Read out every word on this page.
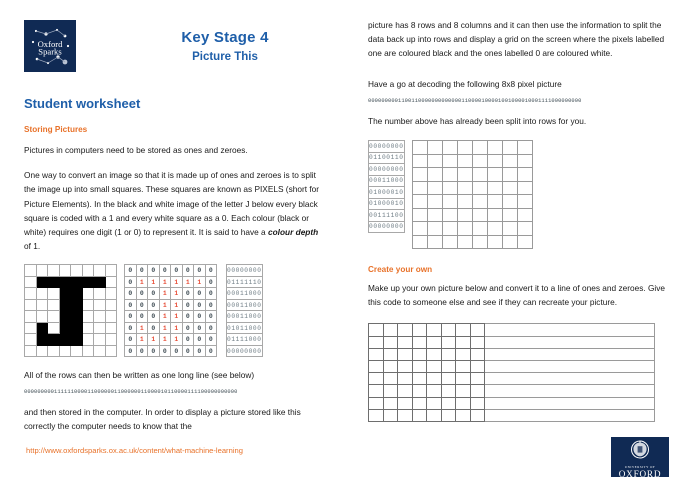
Oxford
Sparks
Key Stage 4
Picture This
Student worksheet
Storing Pictures

Pictures in computers need to be stored as ones and zeroes.

One way to convert an image so that it is made up of ones and zeroes is to split the image up into small squares. These squares are known as PIXELS (short for Picture Elements). In the black and white image of the letter J below every black square is coded with a 1 and every white square as a 0. Each colour (black or white) requires one digit (1 or 0) to represent it. It is said to have a colour depth of 1.

0	0	0	0	0	0	0	0
0	1	1	1	1	1	1	0
0	0	0	1	1	0	0	0
0	0	0	1	1	0	0	0
0	0	0	1	1	0	0	0
0	1	0	1	1	0	0	0
0	1	1	1	1	0	0	0
0	0	0	0	0	0	0	0
00000000
01111110
00011000
00011000
00011000
01011000
01111000
00000000

All of the rows can then be written as one long line (see below)

0000000001111110000110000001100000011000010110000111100000000000

and then stored in the computer. In order to display a picture stored like this correctly the computer needs to know that the

picture has 8 rows and 8 columns and it can then use the information to split the data back up into rows and display a grid on the screen where the pixels labelled one are coloured black and the ones labelled 0 are coloured white.

Have a go at decoding the following 8x8 pixel picture

0000000001100110000000000000110000100001001000010001111000000000

The number above has already been split into rows for you.

00000000
01100110
00000000
00011000
01000010
01000010
00111100
00000000

Create your own

Make up your own picture below and convert it to a line of ones and zeroes. Give this code to someone else and see if they can recreate your picture.

http://www.oxfordsparks.ox.ac.uk/content/what-machine-learning
UNIVERSITY OF
OXFORD
